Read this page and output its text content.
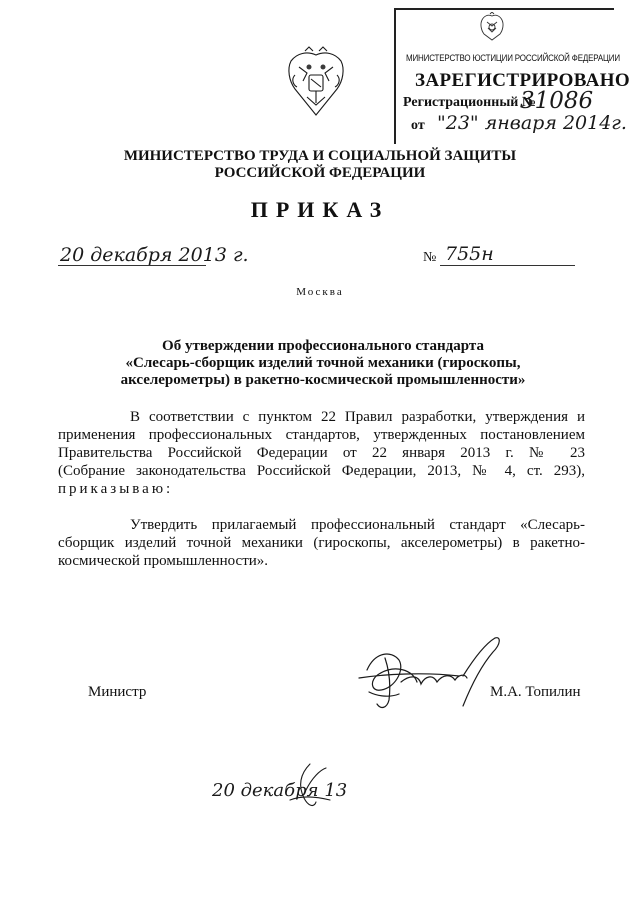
МИНИСТЕРСТВО ЮСТИЦИИ РОССИЙСКОЙ ФЕДЕРАЦИИ
ЗАРЕГИСТРИРОВАНО
Регистрационный №
31086
от "23" января 2014г.
МИНИСТЕРСТВО ТРУДА И СОЦИАЛЬНОЙ ЗАЩИТЫ
РОССИЙСКОЙ ФЕДЕРАЦИИ
ПРИКАЗ
20 декабря 2013 г.	№ 755н
Москва
Об утверждении профессионального стандарта
«Слесарь-сборщик изделий точной механики (гироскопы,
акселерометры) в ракетно-космической промышленности»
В соответствии с пунктом 22 Правил разработки, утверждения и
применения профессиональных стандартов, утвержденных постановлением
Правительства Российской Федерации от 22 января 2013 г. № 23
(Собрание законодательства Российской Федерации, 2013, № 4, ст. 293),
приказываю:
Утвердить прилагаемый профессиональный стандарт «Слесарь-
сборщик изделий точной механики (гироскопы, акселерометры) в ракетно-
космической промышленности».
Министр	М.А. Топилин
20 декабря 13
